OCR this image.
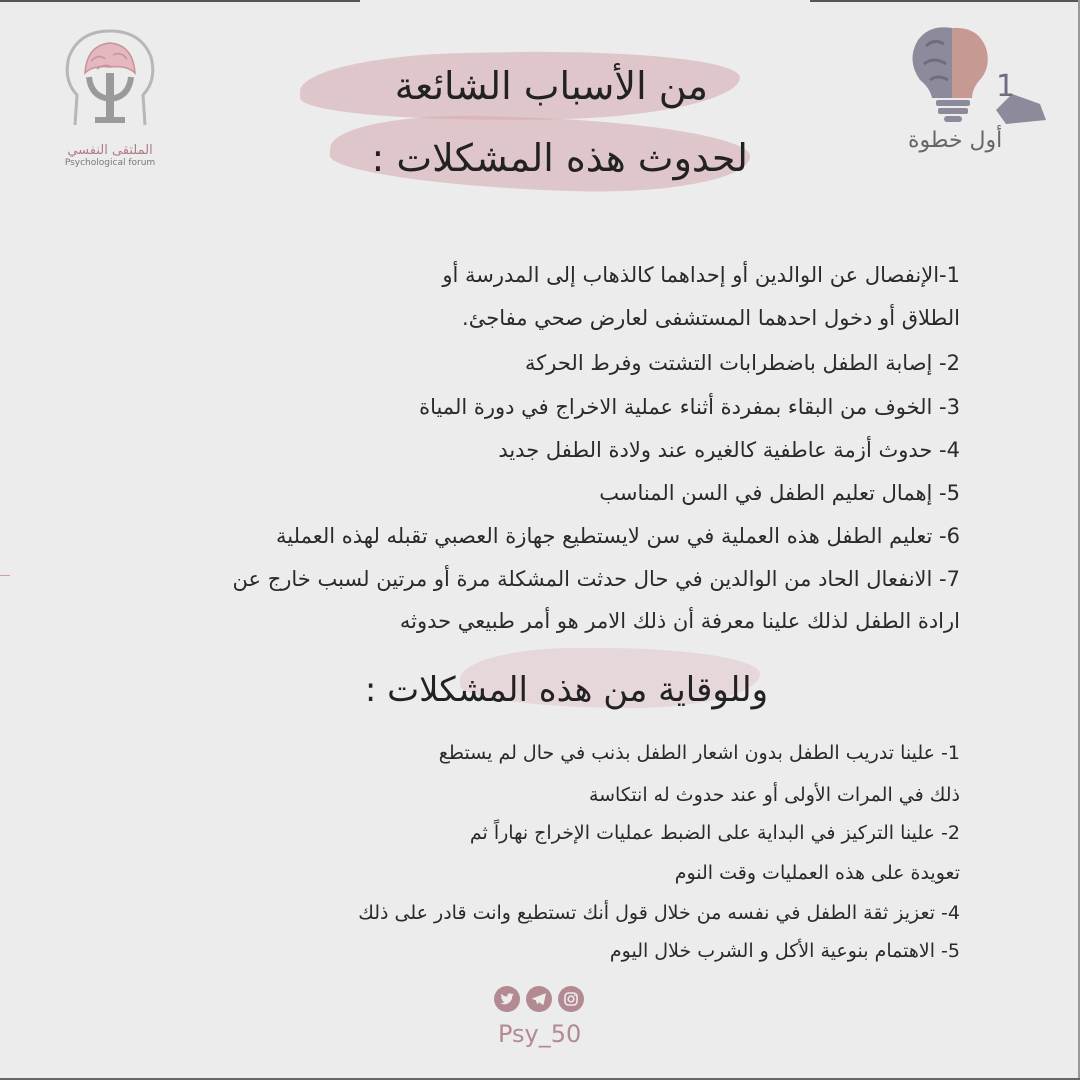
الملتقى النفسي
Psychological forum
1
أول خطوة
من الأسباب الشائعة
لحدوث هذه المشكلات :
1-الإنفصال عن الوالدين أو إحداهما كالذهاب إلى المدرسة أو
الطلاق أو دخول احدهما المستشفى لعارض صحي مفاجئ.
2- إصابة الطفل باضطرابات التشتت وفرط الحركة
3- الخوف من البقاء بمفردة أثناء عملية الاخراج في دورة المياة
4- حدوث أزمة عاطفية كالغيره عند ولادة الطفل جديد
5- إهمال تعليم الطفل في السن المناسب
6- تعليم الطفل هذه العملية في سن لايستطيع جهازة العصبي تقبله لهذه العملية
7- الانفعال الحاد من الوالدين في حال حدثت المشكلة مرة أو مرتين لسبب خارج عن
ارادة الطفل لذلك علينا معرفة أن ذلك الامر هو أمر طبيعي حدوثه
وللوقاية من هذه المشكلات :
1- علينا تدريب الطفل بدون اشعار الطفل بذنب في حال لم يستطع
ذلك في المرات الأولى أو عند حدوث له انتكاسة
2- علينا التركيز في البداية على الضبط عمليات الإخراج نهاراً ثم
تعويدة على هذه العمليات وقت النوم
4- تعزيز ثقة الطفل في نفسه من خلال قول أنك تستطيع وانت قادر على ذلك
5- الاهتمام بنوعية الأكل و الشرب خلال اليوم
Psy_50
